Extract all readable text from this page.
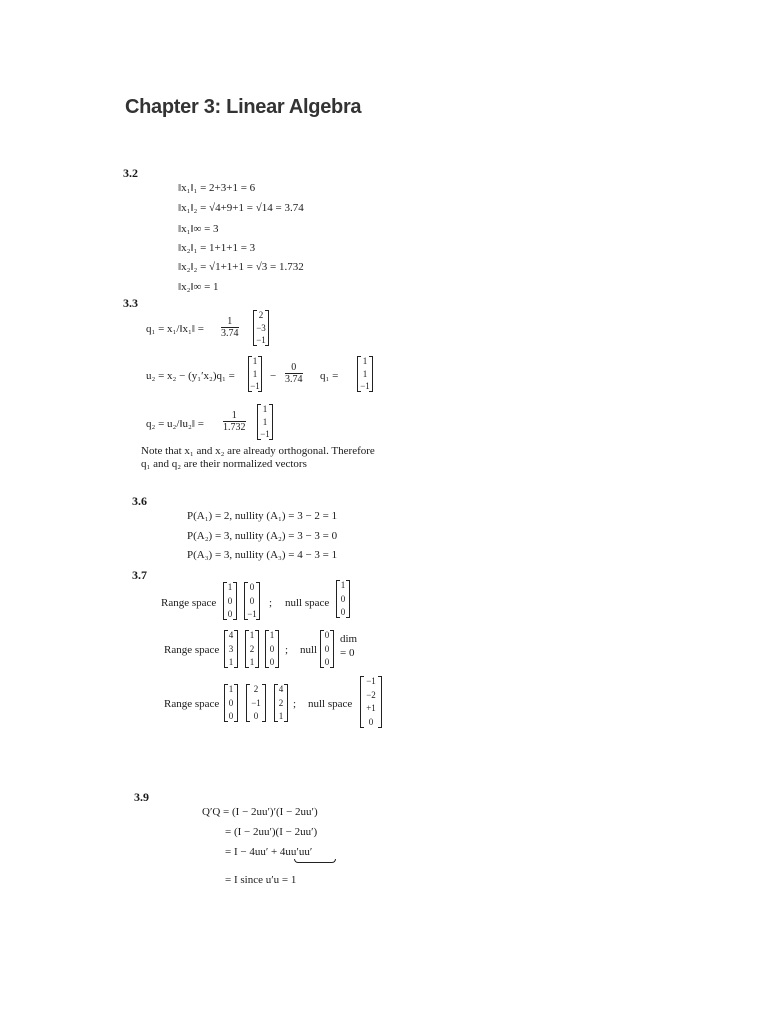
Chapter 3: Linear Algebra
3.2
‖x₁‖₁ = 2+3+1 = 6
‖x₁‖₂ = √4+9+1 = √14 = 3.74
‖x₁‖∞ = 3
‖x₂‖₁ = 1+1+1 = 3
‖x₂‖₂ = √1+1+1 = √3 = 1.732
‖x₂‖∞ = 1
3.3
q₁ = x₁/‖x₁‖ =
1
3.74
2
−3
−1
u₂ = x₂ − (y₁′x₂)q₁ =
1
1
−1
−
0
3.74 q₁ =
1
1
−1
q₂ = u₂/‖u₂‖ =
1
1.732
1
1
−1
Note that x₁ and x₂ are already orthogonal. Therefore
q₁ and q₂ are their normalized vectors
3.6
P(A₁) = 2, nullity (A₁) = 3 − 2 = 1
P(A₂) = 3, nullity (A₂) = 3 − 3 = 0
P(A₃) = 3, nullity (A₃) = 4 − 3 = 1
3.7
Range space
1
0
0
0
0
−1
; null space
1
0
0
Range space
4
3
1
1
2
1
1
0
0
; null
0
0
0
dim
= 0
Range space
1
0
0
2
−1
0
4
2
1
; null space
−1
−2
+1
0
3.9
Q′Q = (I − 2uu′)′(I − 2uu′)
= (I − 2uu′)(I − 2uu′)
= I − 4uu′ + 4uu′uu′
= I since u′u = 1
